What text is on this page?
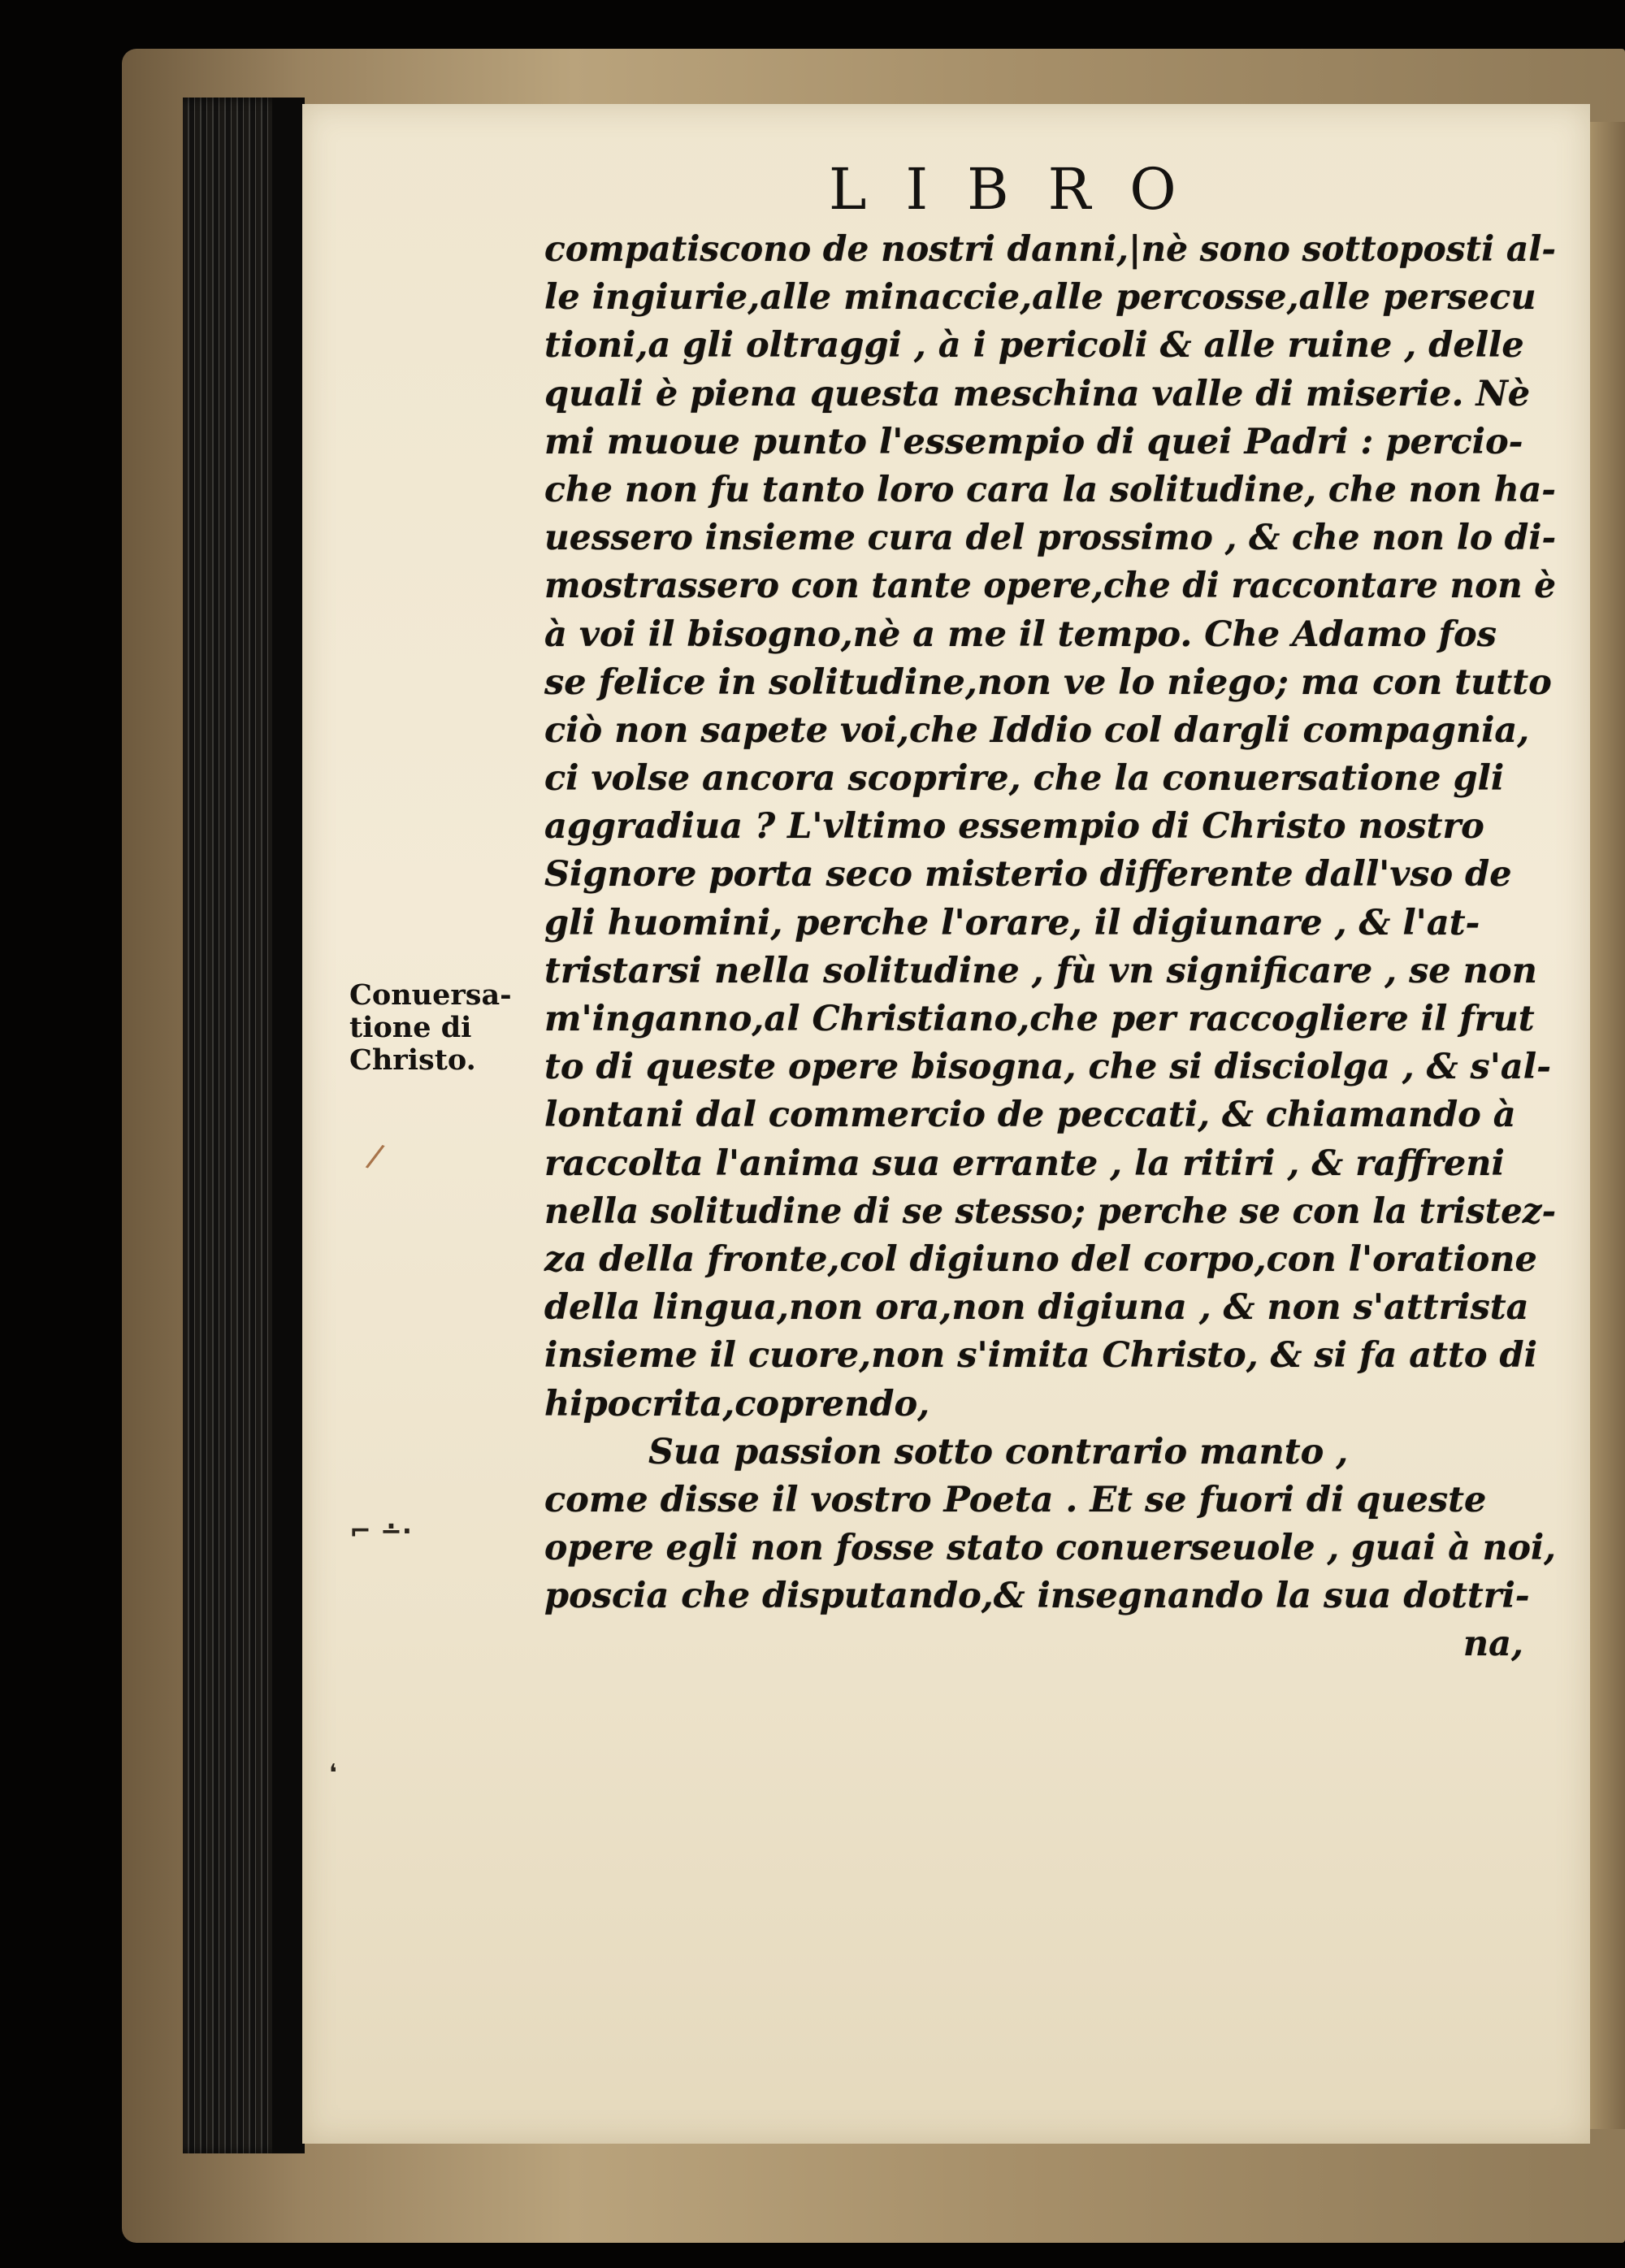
LIBRO
Conuersa-
tione di
Christo.
/
⌐ ∸⋅
❛
compatiscono de nostri danni,|nè sono sottoposti al-
le ingiurie,alle minaccie,alle percosse,alle persecu
tioni,a gli oltraggi , à i pericoli & alle ruine , delle
quali è piena questa meschina valle di miserie. Nè
mi muoue punto l'essempio di quei Padri : percio-
che non fu tanto loro cara la solitudine, che non ha-
uessero insieme cura del prossimo , & che non lo di-
mostrassero con tante opere,che di raccontare non è
à voi il bisogno,nè a me il tempo. Che Adamo fos
se felice in solitudine,non ve lo niego; ma con tutto
ciò non sapete voi,che Iddio col dargli compagnia,
ci volse ancora scoprire, che la conuersatione gli
aggradiua ? L'vltimo essempio di Christo nostro
Signore porta seco misterio differente dall'vso de
gli huomini, perche l'orare, il digiunare , & l'at-
tristarsi nella solitudine , fù vn significare , se non
m'inganno,al Christiano,che per raccogliere il frut
to di queste opere bisogna, che si disciolga , & s'al-
lontani dal commercio de peccati, & chiamando à
raccolta l'anima sua errante , la ritiri , & raffreni
nella solitudine di se stesso; perche se con la tristez-
za della fronte,col digiuno del corpo,con l'oratione
della lingua,non ora,non digiuna , & non s'attrista
insieme il cuore,non s'imita Christo, & si fa atto di
hipocrita,coprendo,
Sua passion sotto contrario manto ,
come disse il vostro Poeta . Et se fuori di queste
opere egli non fosse stato conuerseuole , guai à noi,
poscia che disputando,& insegnando la sua dottri-
na,
